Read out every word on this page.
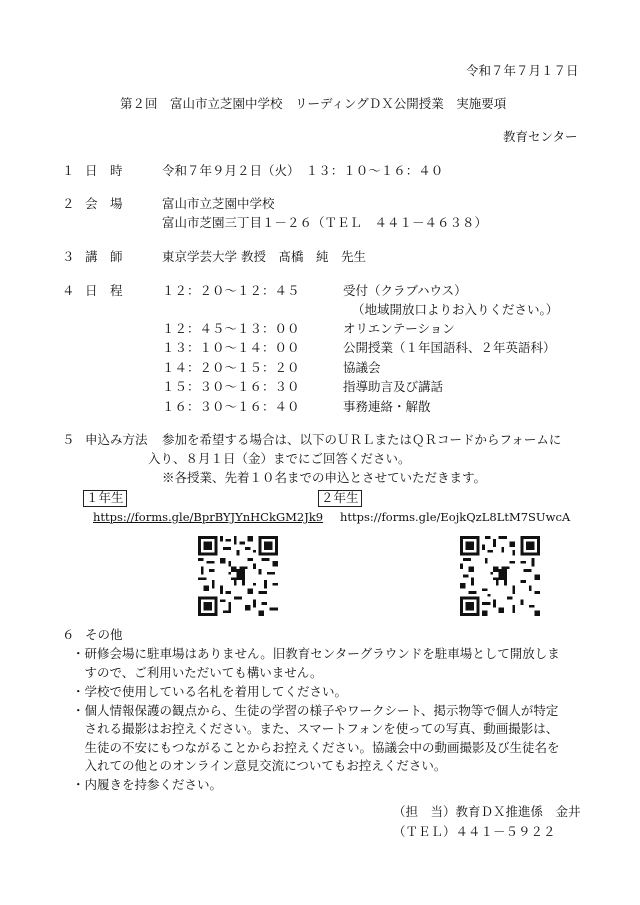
令和７年７月１７日
第２回　富山市立芝園中学校　リーディングＤＸ公開授業　実施要項
教育センター
１ 日　時	令和７年９月２日（火）　１３：１０～１６：４０
２ 会　場	富山市立芝園中学校
富山市芝園三丁目１－２６（ＴＥＬ　４４１－４６３８）
３ 講　師	東京学芸大学 教授　髙橋　純　先生
４ 日　程	１２：２０～１２：４５	受付（クラブハウス）
（地域開放口よりお入りください。）
１２：４５～１３：００	オリエンテーション
１３：１０～１４：００	公開授業（１年国語科、２年英語科）
１４：２０～１５：２０	協議会
１５：３０～１６：３０	指導助言及び講話
１６：３０～１６：４０	事務連絡・解散
５ 申込み方法 参加を希望する場合は、以下のＵＲＬまたはＱＲコードからフォームに
入り、８月１日（金）までにご回答ください。
※各授業、先着１０名までの申込とさせていただきます。
１年生	２年生
https://forms.gle/BprBYJYnHCkGM2Jk9 https://forms.gle/EojkQzL8LtM7SUwcA
６ その他
・研修会場に駐車場はありません。旧教育センターグラウンドを駐車場として開放しま
　すので、ご利用いただいても構いません。
・学校で使用している名札を着用してください。
・個人情報保護の観点から、生徒の学習の様子やワークシート、掲示物等で個人が特定
　される撮影はお控えください。また、スマートフォンを使っての写真、動画撮影は、
　生徒の不安にもつながることからお控えください。協議会中の動画撮影及び生徒名を
　入れての他とのオンライン意見交流についてもお控えください。
・内履きを持参ください。
（担　当）教育ＤＸ推進係　金井
（ＴＥＬ）４４１－５９２２
